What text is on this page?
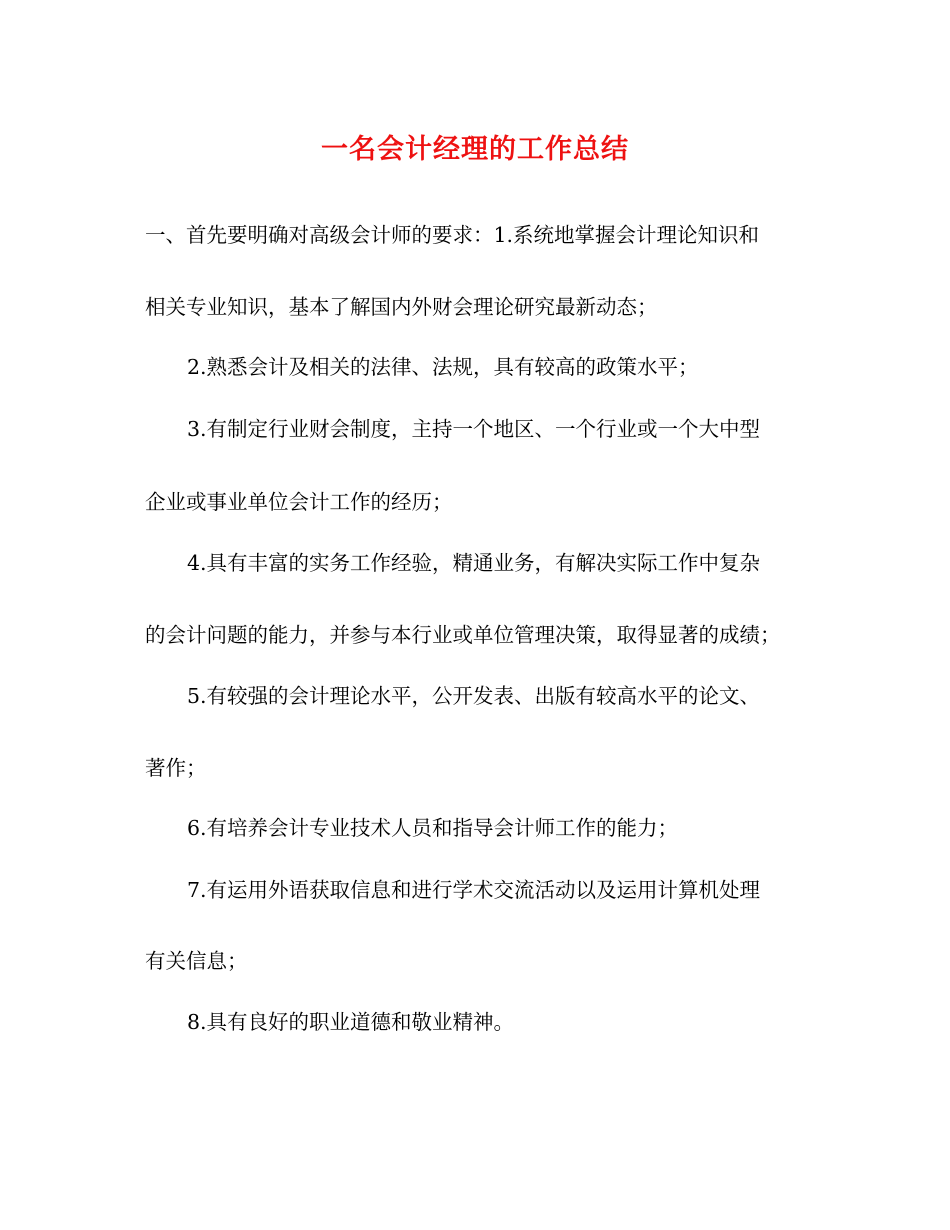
一名会计经理的工作总结
一、首先要明确对高级会计师的要求：1.系统地掌握会计理论知识和
相关专业知识，基本了解国内外财会理论研究最新动态；
2.熟悉会计及相关的法律、法规，具有较高的政策水平；
3.有制定行业财会制度，主持一个地区、一个行业或一个大中型
企业或事业单位会计工作的经历；
4.具有丰富的实务工作经验，精通业务，有解决实际工作中复杂
的会计问题的能力，并参与本行业或单位管理决策，取得显著的成绩；
5.有较强的会计理论水平，公开发表、出版有较高水平的论文、
著作；
6.有培养会计专业技术人员和指导会计师工作的能力；
7.有运用外语获取信息和进行学术交流活动以及运用计算机处理
有关信息；
8.具有良好的职业道德和敬业精神。
